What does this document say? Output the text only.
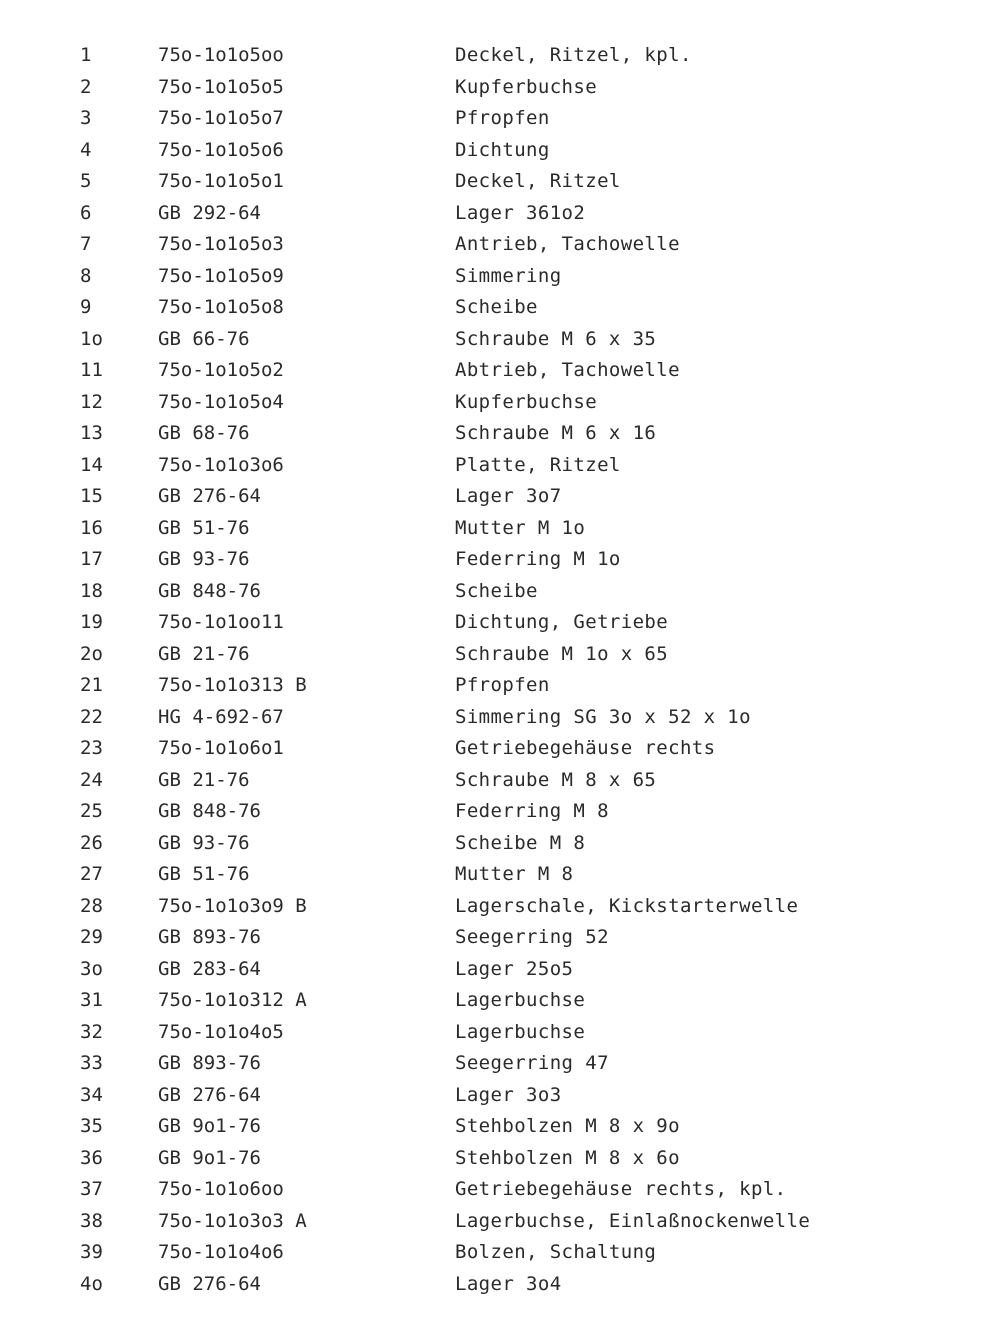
1	75o-1o1o5oo	Deckel, Ritzel, kpl.
2	75o-1o1o5o5	Kupferbuchse
3	75o-1o1o5o7	Pfropfen
4	75o-1o1o5o6	Dichtung
5	75o-1o1o5o1	Deckel, Ritzel
6	GB 292-64	Lager 361o2
7	75o-1o1o5o3	Antrieb, Tachowelle
8	75o-1o1o5o9	Simmering
9	75o-1o1o5o8	Scheibe
1o	GB 66-76	Schraube M 6 x 35
11	75o-1o1o5o2	Abtrieb, Tachowelle
12	75o-1o1o5o4	Kupferbuchse
13	GB 68-76	Schraube M 6 x 16
14	75o-1o1o3o6	Platte, Ritzel
15	GB 276-64	Lager 3o7
16	GB 51-76	Mutter M 1o
17	GB 93-76	Federring M 1o
18	GB 848-76	Scheibe
19	75o-1o1oo11	Dichtung, Getriebe
2o	GB 21-76	Schraube M 1o x 65
21	75o-1o1o313 B	Pfropfen
22	HG 4-692-67	Simmering SG 3o x 52 x 1o
23	75o-1o1o6o1	Getriebegehäuse rechts
24	GB 21-76	Schraube M 8 x 65
25	GB 848-76	Federring M 8
26	GB 93-76	Scheibe M 8
27	GB 51-76	Mutter M 8
28	75o-1o1o3o9 B	Lagerschale, Kickstarterwelle
29	GB 893-76	Seegerring 52
3o	GB 283-64	Lager 25o5
31	75o-1o1o312 A	Lagerbuchse
32	75o-1o1o4o5	Lagerbuchse
33	GB 893-76	Seegerring 47
34	GB 276-64	Lager 3o3
35	GB 9o1-76	Stehbolzen M 8 x 9o
36	GB 9o1-76	Stehbolzen M 8 x 6o
37	75o-1o1o6oo	Getriebegehäuse rechts, kpl.
38	75o-1o1o3o3 A	Lagerbuchse, Einlaßnockenwelle
39	75o-1o1o4o6	Bolzen, Schaltung
4o	GB 276-64	Lager 3o4
